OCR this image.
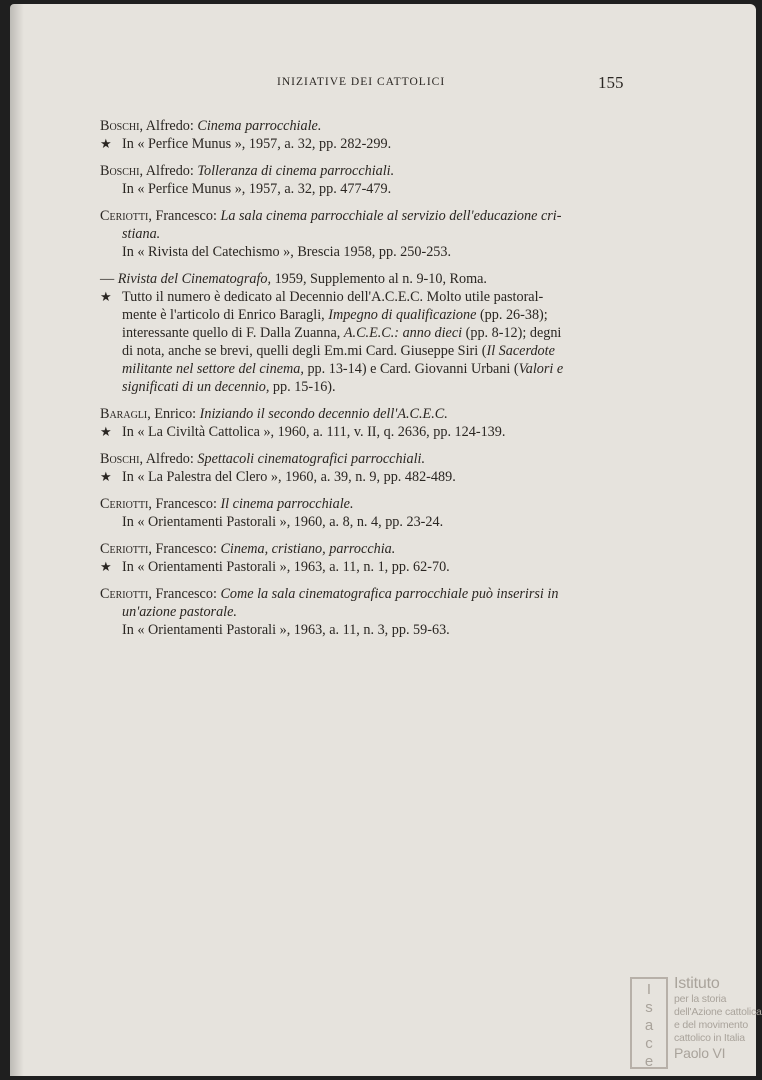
INIZIATIVE DEI CATTOLICI	155
Boschi, Alfredo: Cinema parrocchiale.
★ In « Perfice Munus », 1957, a. 32, pp. 282-299.
Boschi, Alfredo: Tolleranza di cinema parrocchiali.
In « Perfice Munus », 1957, a. 32, pp. 477-479.
Ceriotti, Francesco: La sala cinema parrocchiale al servizio dell'educazione cri-
stiana.
In « Rivista del Catechismo », Brescia 1958, pp. 250-253.
— Rivista del Cinematografo, 1959, Supplemento al n. 9-10, Roma.
★ Tutto il numero è dedicato al Decennio dell'A.C.E.C. Molto utile pastoral-
mente è l'articolo di Enrico Baragli, Impegno di qualificazione (pp. 26-38);
interessante quello di F. Dalla Zuanna, A.C.E.C.: anno dieci (pp. 8-12); degni
di nota, anche se brevi, quelli degli Em.mi Card. Giuseppe Siri (Il Sacerdote
militante nel settore del cinema, pp. 13-14) e Card. Giovanni Urbani (Valori e
significati di un decennio, pp. 15-16).
Baragli, Enrico: Iniziando il secondo decennio dell'A.C.E.C.
★ In « La Civiltà Cattolica », 1960, a. 111, v. II, q. 2636, pp. 124-139.
Boschi, Alfredo: Spettacoli cinematografici parrocchiali.
★ In « La Palestra del Clero », 1960, a. 39, n. 9, pp. 482-489.
Ceriotti, Francesco: Il cinema parrocchiale.
In « Orientamenti Pastorali », 1960, a. 8, n. 4, pp. 23-24.
Ceriotti, Francesco: Cinema, cristiano, parrocchia.
★ In « Orientamenti Pastorali », 1963, a. 11, n. 1, pp. 62-70.
Ceriotti, Francesco: Come la sala cinematografica parrocchiale può inserirsi in
un'azione pastorale.
In « Orientamenti Pastorali », 1963, a. 11, n. 3, pp. 59-63.
I
s
a
c
e
Istituto
per la storia
dell'Azione cattolica
e del movimento
cattolico in Italia
Paolo VI
